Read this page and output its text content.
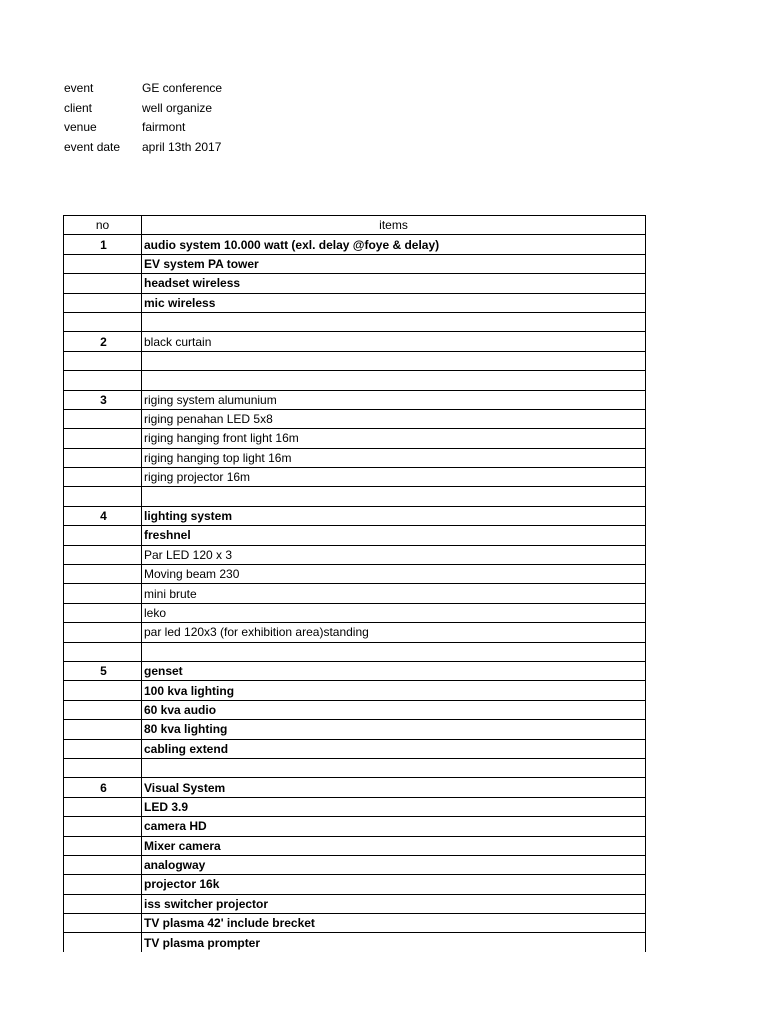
event	GE conference
client	well organize
venue	fairmont
event date	april 13th 2017
no	items
1	audio system 10.000 watt (exl. delay @foye & delay)
	EV system PA tower
	headset wireless
	mic wireless

2	black curtain

3	riging system alumunium
	riging penahan LED 5x8
	riging hanging front light 16m
	riging hanging top light 16m
	riging projector 16m

4	lighting system
	freshnel
	Par LED 120 x 3
	Moving beam 230
	mini brute
	leko
	par led 120x3 (for exhibition area)standing

5	genset
	100 kva lighting
	60 kva audio
	80 kva lighting
	cabling extend

6	Visual System
	LED 3.9
	camera HD
	Mixer camera
	analogway
	projector 16k
	iss switcher projector
	TV plasma 42' include brecket
	TV plasma prompter
